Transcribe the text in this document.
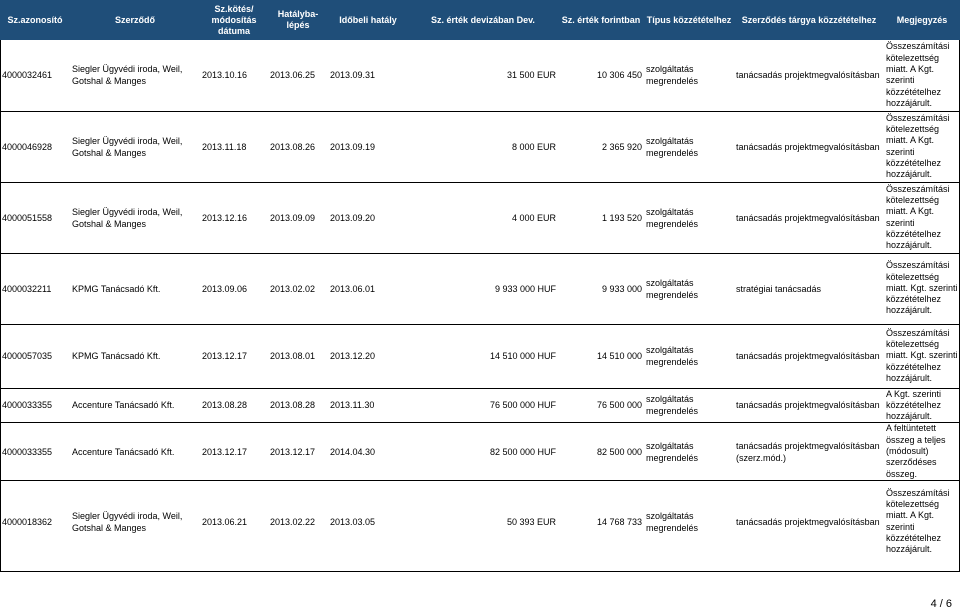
Sz.azonosító	Szerződő	Sz.kötés/ módosítás dátuma	Hatályba- lépés	Időbeli hatály	Sz. érték devizában Dev.	Sz. érték forintban	Típus közzétételhez	Szerződés tárgya közzétételhez	Megjegyzés
4000032461	Siegler Ügyvédi iroda, Weil, Gotshal & Manges	2013.10.16	2013.06.25	2013.09.31	31 500 EUR	10 306 450	szolgáltatás megrendelés	tanácsadás projektmegvalósításban	Összeszámítási kötelezettség miatt. A Kgt. szerinti közzétételhez hozzájárult.
4000046928	Siegler Ügyvédi iroda, Weil, Gotshal & Manges	2013.11.18	2013.08.26	2013.09.19	8 000 EUR	2 365 920	szolgáltatás megrendelés	tanácsadás projektmegvalósításban	Összeszámítási kötelezettség miatt. A Kgt. szerinti közzétételhez hozzájárult.
4000051558	Siegler Ügyvédi iroda, Weil, Gotshal & Manges	2013.12.16	2013.09.09	2013.09.20	4 000 EUR	1 193 520	szolgáltatás megrendelés	tanácsadás projektmegvalósításban	Összeszámítási kötelezettség miatt. A Kgt. szerinti közzétételhez hozzájárult.
4000032211	KPMG Tanácsadó Kft.	2013.09.06	2013.02.02	2013.06.01	9 933 000 HUF	9 933 000	szolgáltatás megrendelés	stratégiai tanácsadás	Összeszámítási kötelezettség miatt. Kgt. szerinti közzétételhez hozzájárult.
4000057035	KPMG Tanácsadó Kft.	2013.12.17	2013.08.01	2013.12.20	14 510 000 HUF	14 510 000	szolgáltatás megrendelés	tanácsadás projektmegvalósításban	Összeszámítási kötelezettség miatt. Kgt. szerinti közzétételhez hozzájárult.
4000033355	Accenture Tanácsadó Kft.	2013.08.28	2013.08.28	2013.11.30	76 500 000 HUF	76 500 000	szolgáltatás megrendelés	tanácsadás projektmegvalósításban	A Kgt. szerinti közzétételhez hozzájárult.
4000033355	Accenture Tanácsadó Kft.	2013.12.17	2013.12.17	2014.04.30	82 500 000 HUF	82 500 000	szolgáltatás megrendelés	tanácsadás projektmegvalósításban (szerz.mód.)	A feltüntetett összeg a teljes (módosult) szerződéses összeg.
4000018362	Siegler Ügyvédi iroda, Weil, Gotshal & Manges	2013.06.21	2013.02.22	2013.03.05	50 393 EUR	14 768 733	szolgáltatás megrendelés	tanácsadás projektmegvalósításban	Összeszámítási kötelezettség miatt. A Kgt. szerinti közzétételhez hozzájárult.
4 / 6
